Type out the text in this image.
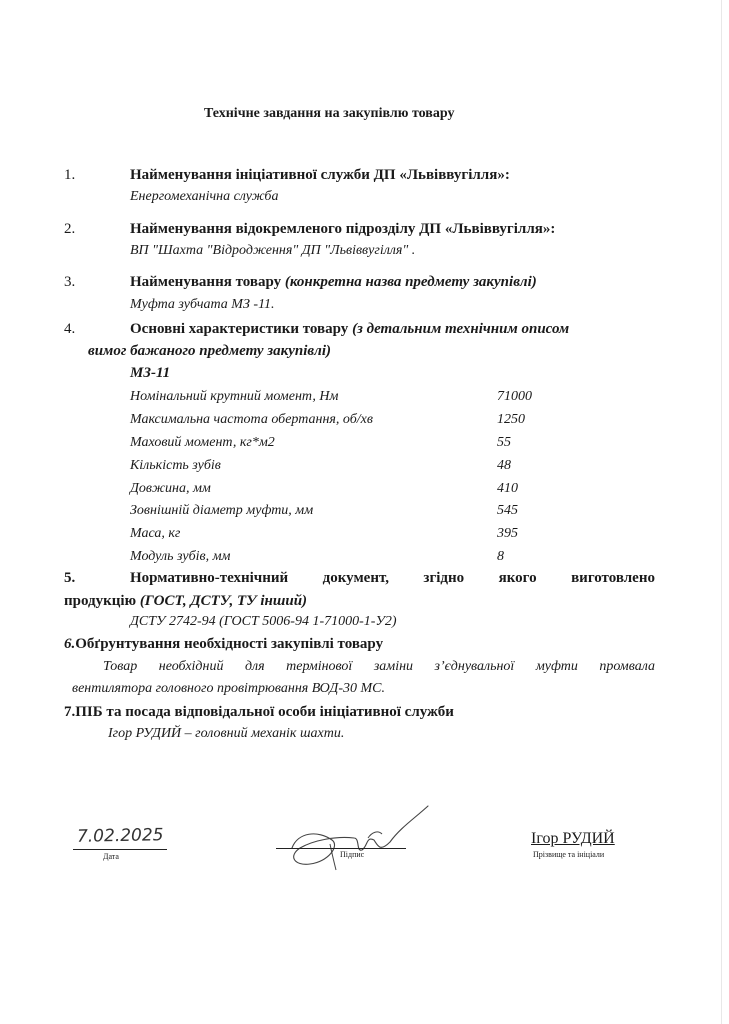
Технічне завдання на закупівлю товару
1.	Найменування ініціативної служби ДП «Львіввугілля»:
Енергомеханічна служба
2.	Найменування відокремленого підрозділу ДП «Львіввугілля»:
ВП "Шахта "Відродження" ДП "Львіввугілля" .
3.	Найменування товару (конкретна назва предмету закупівлі)
Муфта зубчата МЗ -11.
4.	Основні характеристики товару (з детальним технічним описом
вимог бажаного предмету закупівлі)
МЗ-11
Номінальний крутний момент, Нм	71000
Максимальна частота обертання, об/хв	1250
Маховий момент, кг*м2	55
Кількість зубів	48
Довжина, мм	410
Зовнішній діаметр муфти, мм	545
Маса, кг	395
Модуль зубів, мм	8
5.	Нормативно-технічний документ, згідно якого виготовлено
продукцію (ГОСТ, ДСТУ, ТУ інший)
ДСТУ 2742-94 (ГОСТ 5006-94 1-71000-1-У2)
6.Обґрунтування необхідності закупівлі товару
Товар необхідний для термінової заміни з’єднувальної муфти промвала
вентилятора головного провітрювання ВОД-30 МС.
7.ПІБ та посада відповідальної особи ініціативної служби
Ігор РУДИЙ – головний механік шахти.
7.02.2025
Дата	Підпис
Ігор РУДИЙ
Прізвище та ініціали
